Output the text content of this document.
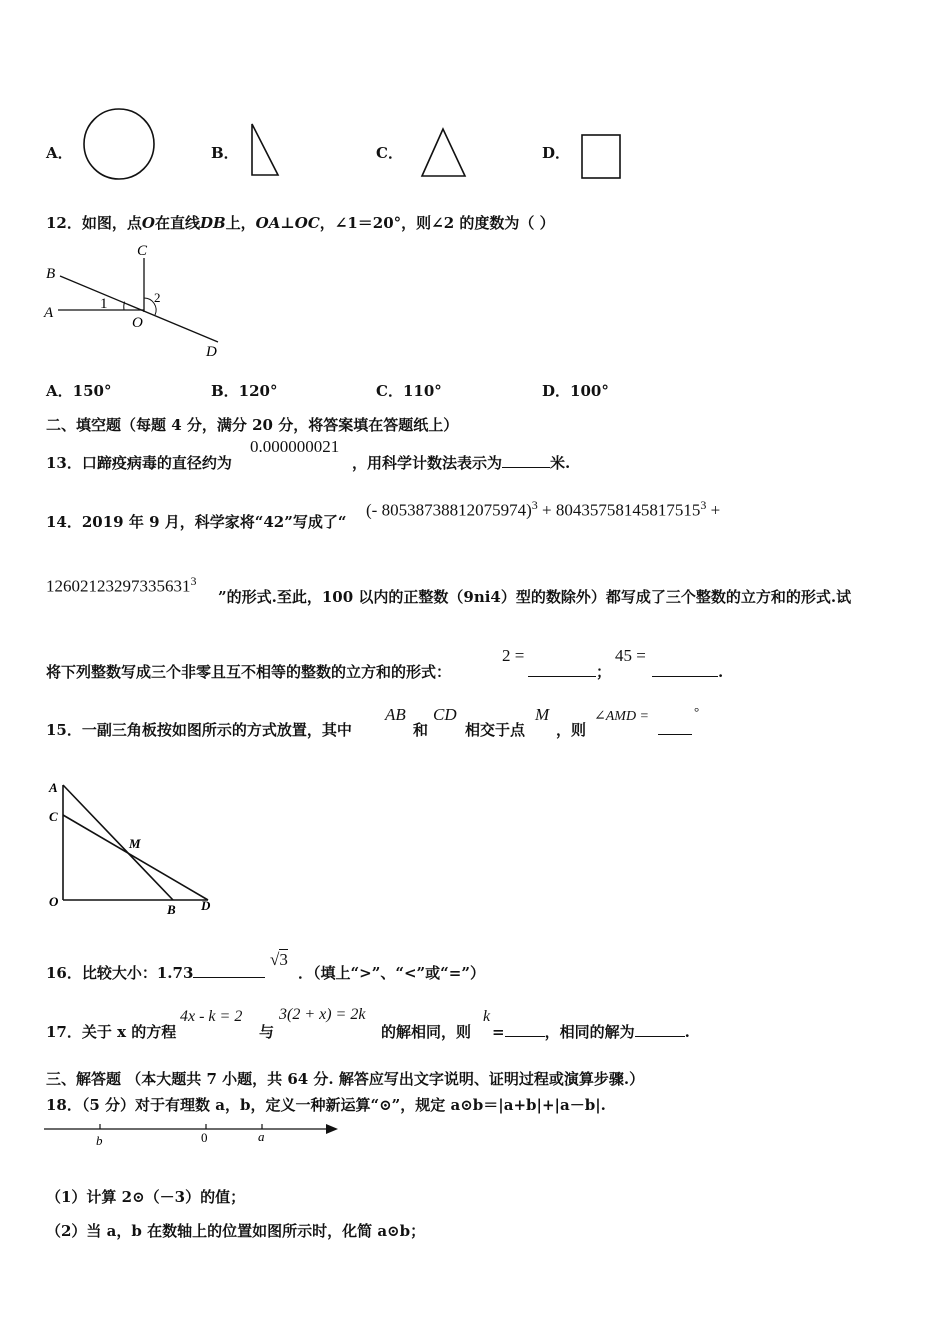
A．	B．	C．	D．
12．如图，点O在直线DB上，OA⊥OC，∠1＝20°，则∠2 的度数为（ ）
B
C
A
1	2
O
D
A．150°	B．120°	C．110°	D．100°
二、填空题（每题 4 分，满分 20 分，将答案填在答题纸上）
13．口蹄疫病毒的直径约为
0.000000021
，用科学计数法表示为	米.
14．2019 年 9 月，科学家将“42”写成了“
(- $80538738812075974)^3 + 80435758145817515^3$ +
$12602123297335631^3$
”的形式.至此，100 以内的正整数（9ni4）型的数除外）都写成了三个整数的立方和的形式.试
将下列整数写成三个非零且互不相等的整数的立方和的形式：
2 =
；
45 =
.
15．一副三角板按如图所示的方式放置，其中
AB
和
CD
相交于点
M
，则
∠AMD =	°
A
C
M
O
B D
16．比较大小：1.73
√3
．（填上“>”、“<”或“=”）
17．关于 x 的方程
4x - k = 2
与
3(2 + x) = 2k
的解相同，则
k
=	，相同的解为	.
三、解答题 （本大题共 7 小题，共 64 分. 解答应写出文字说明、证明过程或演算步骤.）
18．（5 分）对于有理数 a，b，定义一种新运算“⊙”，规定 a⊙b＝|a+b|+|a－b|.
b	0	a
（1）计算 2⊙（－3）的值；
（2）当 a，b 在数轴上的位置如图所示时，化简 a⊙b；
